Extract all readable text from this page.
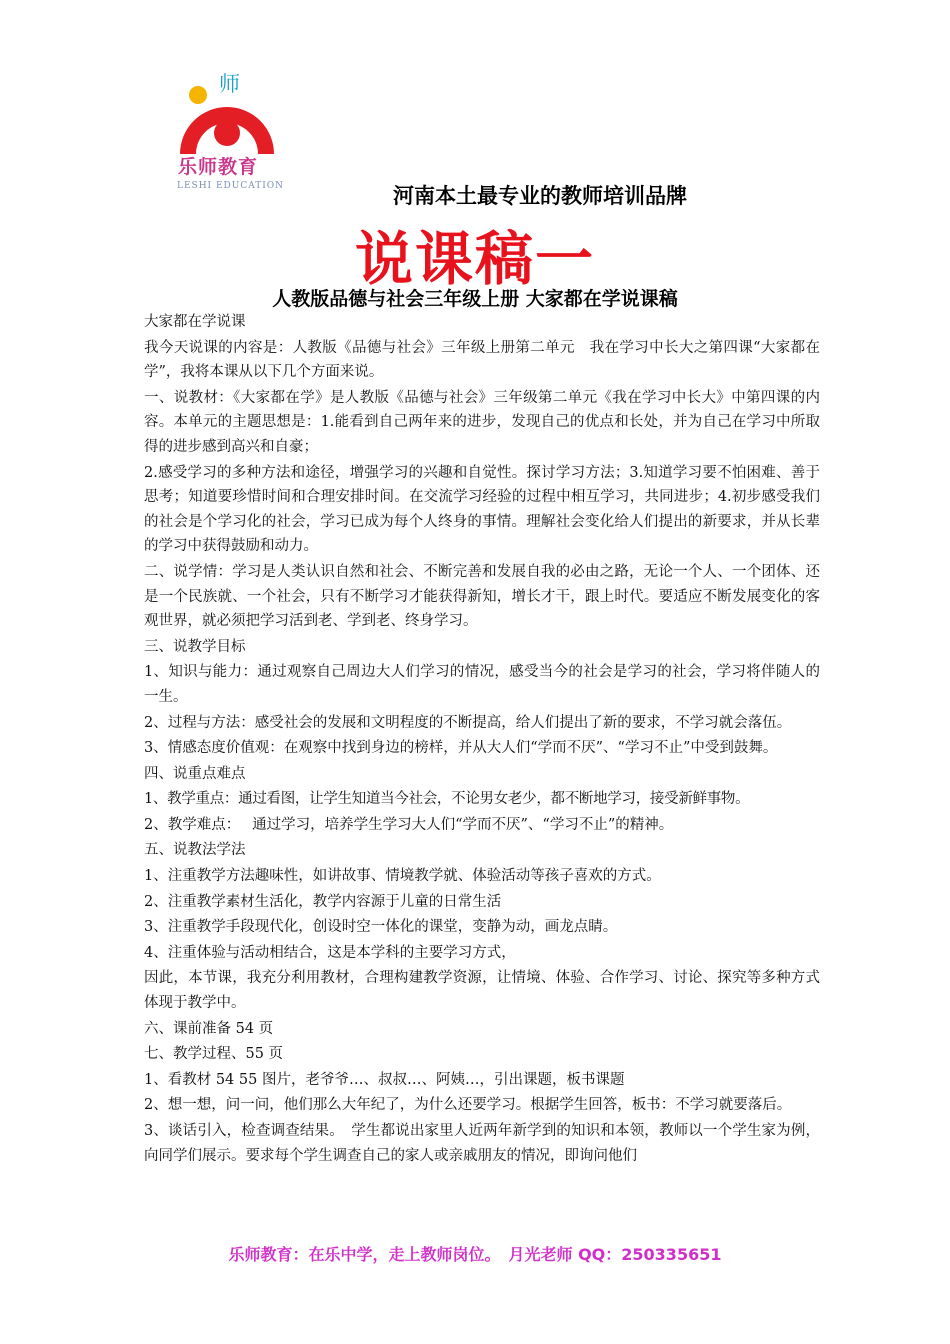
师
乐师教育
LESHI EDUCATION	河南本土最专业的教师培训品牌
说课稿一
人教版品德与社会三年级上册 大家都在学说课稿

大家都在学说课

我今天说课的内容是：人教版《品德与社会》三年级上册第二单元　我在学习中长大之第四课“大家都在学”，我将本课从以下几个方面来说。

一、说教材：《大家都在学》是人教版《品德与社会》三年级第二单元《我在学习中长大》中第四课的内容。本单元的主题思想是：1.能看到自己两年来的进步，发现自己的优点和长处，并为自己在学习中所取得的进步感到高兴和自豪；

2.感受学习的多种方法和途径，增强学习的兴趣和自觉性。探讨学习方法；3.知道学习要不怕困难、善于思考；知道要珍惜时间和合理安排时间。在交流学习经验的过程中相互学习，共同进步；4.初步感受我们的社会是个学习化的社会，学习已成为每个人终身的事情。理解社会变化给人们提出的新要求，并从长辈的学习中获得鼓励和动力。

二、说学情：学习是人类认识自然和社会、不断完善和发展自我的必由之路，无论一个人、一个团体、还是一个民族就、一个社会，只有不断学习才能获得新知，增长才干，跟上时代。要适应不断发展变化的客观世界，就必须把学习活到老、学到老、终身学习。

三、说教学目标

1、知识与能力：通过观察自己周边大人们学习的情况，感受当今的社会是学习的社会，学习将伴随人的一生。

2、过程与方法：感受社会的发展和文明程度的不断提高，给人们提出了新的要求，不学习就会落伍。

3、情感态度价值观：在观察中找到身边的榜样，并从大人们“学而不厌”、“学习不止”中受到鼓舞。

四、说重点难点

1、教学重点：通过看图，让学生知道当今社会，不论男女老少，都不断地学习，接受新鲜事物。

2、教学难点：　 通过学习，培养学生学习大人们“学而不厌”、“学习不止”的精神。

五、说教法学法

1、注重教学方法趣味性，如讲故事、情境教学就、体验活动等孩子喜欢的方式。

2、注重教学素材生活化，教学内容源于儿童的日常生活

3、注重教学手段现代化，创设时空一体化的课堂，变静为动，画龙点睛。

4、注重体验与活动相结合，这是本学科的主要学习方式，

因此，本节课，我充分利用教材，合理构建教学资源，让情境、体验、合作学习、讨论、探究等多种方式体现于教学中。

六、课前准备 54 页

七、教学过程、55 页

1、看教材 54 55 图片，老爷爷…、叔叔…、阿姨…，引出课题，板书课题

2、想一想，问一问，他们那么大年纪了，为什么还要学习。根据学生回答，板书：不学习就要落后。

3、谈话引入，检查调查结果。　学生都说出家里人近两年新学到的知识和本领，教师以一个学生家为例，向同学们展示。要求每个学生调查自己的家人或亲戚朋友的情况，即询问他们

乐师教育：在乐中学，走上教师岗位。　月光老师 QQ：250335651
